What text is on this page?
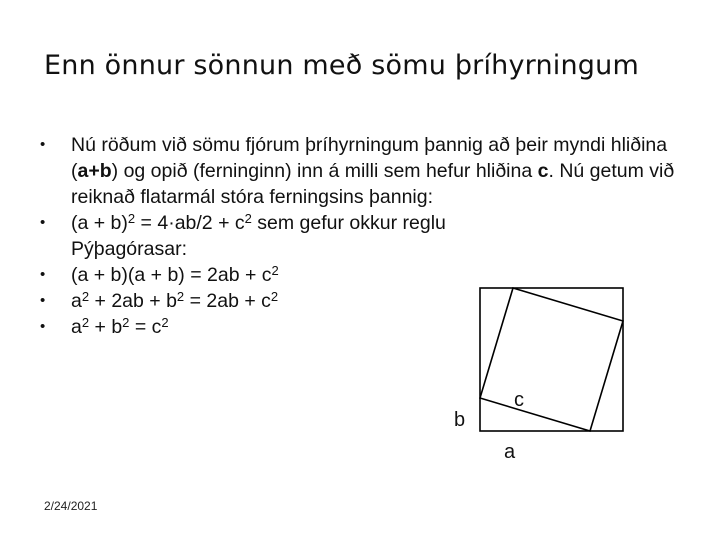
Enn önnur sönnun með sömu þríhyrningum
• Nú röðum við sömu fjórum þríhyrningum þannig að þeir myndi hliðina (a+b) og opið (ferninginn) inn á milli sem hefur hliðina c. Nú getum við reiknað flatarmál stóra ferningsins þannig:
• $(a + b)^2 = 4\cdot ab/2 + c^2$ sem gefur okkur reglu Pýþagórasar:
• $(a + b)(a + b) = 2ab + c^2$
• $a^2 + 2ab + b^2 = 2ab + c^2$
• $a^2 + b^2 = c^2$
c
b
a
2/24/2021
